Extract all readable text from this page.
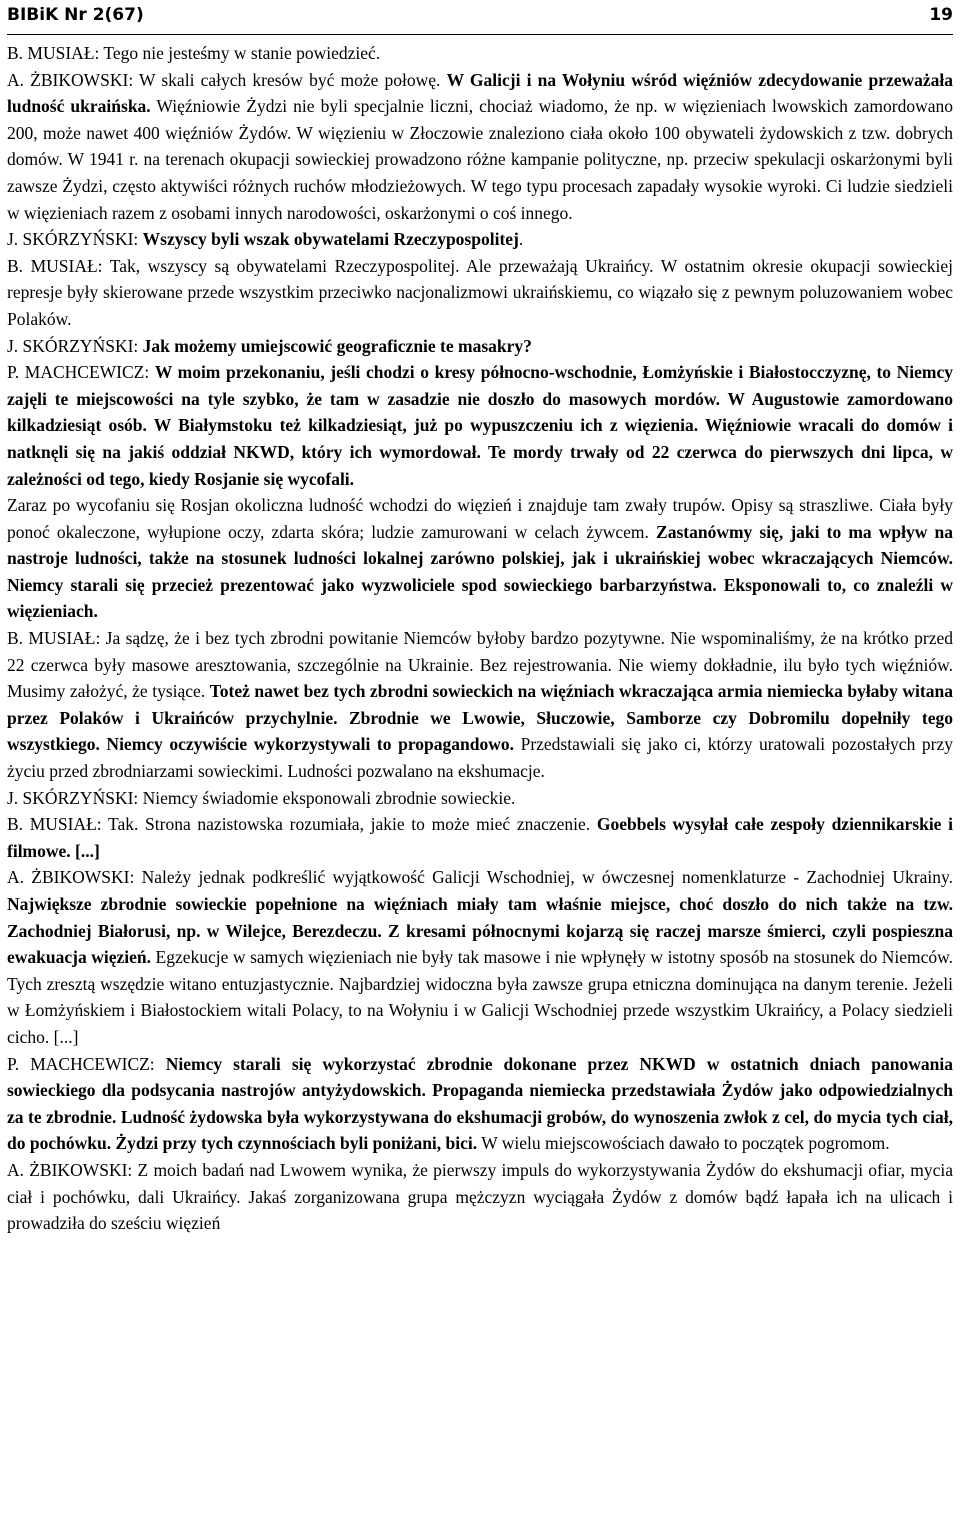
BIBiK Nr 2(67)	19

B. MUSIAŁ: Tego nie jesteśmy w stanie powiedzieć.

A. ŻBIKOWSKI: W skali całych kresów być może połowę. W Galicji i na Wołyniu wśród więźniów zdecydowanie przeważała ludność ukraińska. Więźniowie Żydzi nie byli specjalnie liczni, chociaż wiadomo, że np. w więzieniach lwowskich zamordowano 200, może nawet 400 więźniów Żydów. W więzieniu w Złoczowie znaleziono ciała około 100 obywateli żydowskich z tzw. dobrych domów. W 1941 r. na terenach okupacji sowieckiej prowadzono różne kampanie polityczne, np. przeciw spekulacji oskarżonymi byli zawsze Żydzi, często aktywiści różnych ruchów młodzieżowych. W tego typu procesach zapadały wysokie wyroki. Ci ludzie siedzieli w więzieniach razem z osobami innych narodowości, oskarżonymi o coś innego.

J. SKÓRZYŃSKI: Wszyscy byli wszak obywatelami Rzeczypospolitej.

B. MUSIAŁ: Tak, wszyscy są obywatelami Rzeczypospolitej. Ale przeważają Ukraińcy. W ostatnim okresie okupacji sowieckiej represje były skierowane przede wszystkim przeciwko nacjonalizmowi ukraińskiemu, co wiązało się z pewnym poluzowaniem wobec Polaków.

J. SKÓRZYŃSKI: Jak możemy umiejscowić geograficznie te masakry?

P. MACHCEWICZ: W moim przekonaniu, jeśli chodzi o kresy północno-wschodnie, Łomżyńskie i Białostocczyznę, to Niemcy zajęli te miejscowości na tyle szybko, że tam w zasadzie nie doszło do masowych mordów. W Augustowie zamordowano kilkadziesiąt osób. W Białymstoku też kilkadziesiąt, już po wypuszczeniu ich z więzienia. Więźniowie wracali do domów i natknęli się na jakiś oddział NKWD, który ich wymordował. Te mordy trwały od 22 czerwca do pierwszych dni lipca, w zależności od tego, kiedy Rosjanie się wycofali.

Zaraz po wycofaniu się Rosjan okoliczna ludność wchodzi do więzień i znajduje tam zwały trupów. Opisy są straszliwe. Ciała były ponoć okaleczone, wyłupione oczy, zdarta skóra; ludzie zamurowani w celach żywcem. Zastanówmy się, jaki to ma wpływ na nastroje ludności, także na stosunek ludności lokalnej zarówno polskiej, jak i ukraińskiej wobec wkraczających Niemców. Niemcy starali się przecież prezentować jako wyzwoliciele spod sowieckiego barbarzyństwa. Eksponowali to, co znaleźli w więzieniach.

B. MUSIAŁ: Ja sądzę, że i bez tych zbrodni powitanie Niemców byłoby bardzo pozytywne. Nie wspominaliśmy, że na krótko przed 22 czerwca były masowe aresztowania, szczególnie na Ukrainie. Bez rejestrowania. Nie wiemy dokładnie, ilu było tych więźniów. Musimy założyć, że tysiące. Toteż nawet bez tych zbrodni sowieckich na więźniach wkraczająca armia niemiecka byłaby witana przez Polaków i Ukraińców przychylnie. Zbrodnie we Lwowie, Słuczowie, Samborze czy Dobromilu dopełniły tego wszystkiego. Niemcy oczywiście wykorzystywali to propagandowo. Przedstawiali się jako ci, którzy uratowali pozostałych przy życiu przed zbrodniarzami sowieckimi. Ludności pozwalano na ekshumacje.

J. SKÓRZYŃSKI: Niemcy świadomie eksponowali zbrodnie sowieckie.

B. MUSIAŁ: Tak. Strona nazistowska rozumiała, jakie to może mieć znaczenie. Goebbels wysyłał całe zespoły dziennikarskie i filmowe. [...]

A. ŻBIKOWSKI: Należy jednak podkreślić wyjątkowość Galicji Wschodniej, w ówczesnej nomenklaturze - Zachodniej Ukrainy. Największe zbrodnie sowieckie popełnione na więźniach miały tam właśnie miejsce, choć doszło do nich także na tzw. Zachodniej Białorusi, np. w Wilejce, Berezdeczu. Z kresami północnymi kojarzą się raczej marsze śmierci, czyli pospieszna ewakuacja więzień. Egzekucje w samych więzieniach nie były tak masowe i nie wpłynęły w istotny sposób na stosunek do Niemców. Tych zresztą wszędzie witano entuzjastycznie. Najbardziej widoczna była zawsze grupa etniczna dominująca na danym terenie. Jeżeli w Łomżyńskiem i Białostockiem witali Polacy, to na Wołyniu i w Galicji Wschodniej przede wszystkim Ukraińcy, a Polacy siedzieli cicho. [...]

P. MACHCEWICZ: Niemcy starali się wykorzystać zbrodnie dokonane przez NKWD w ostatnich dniach panowania sowieckiego dla podsycania nastrojów antyżydowskich. Propaganda niemiecka przedstawiała Żydów jako odpowiedzialnych za te zbrodnie. Ludność żydowska była wykorzystywana do ekshumacji grobów, do wynoszenia zwłok z cel, do mycia tych ciał, do pochówku. Żydzi przy tych czynnościach byli poniżani, bici. W wielu miejscowościach dawało to początek pogromom.

A. ŻBIKOWSKI: Z moich badań nad Lwowem wynika, że pierwszy impuls do wykorzystywania Żydów do ekshumacji ofiar, mycia ciał i pochówku, dali Ukraińcy. Jakaś zorganizowana grupa mężczyzn wyciągała Żydów z domów bądź łapała ich na ulicach i prowadziła do sześciu więzień
